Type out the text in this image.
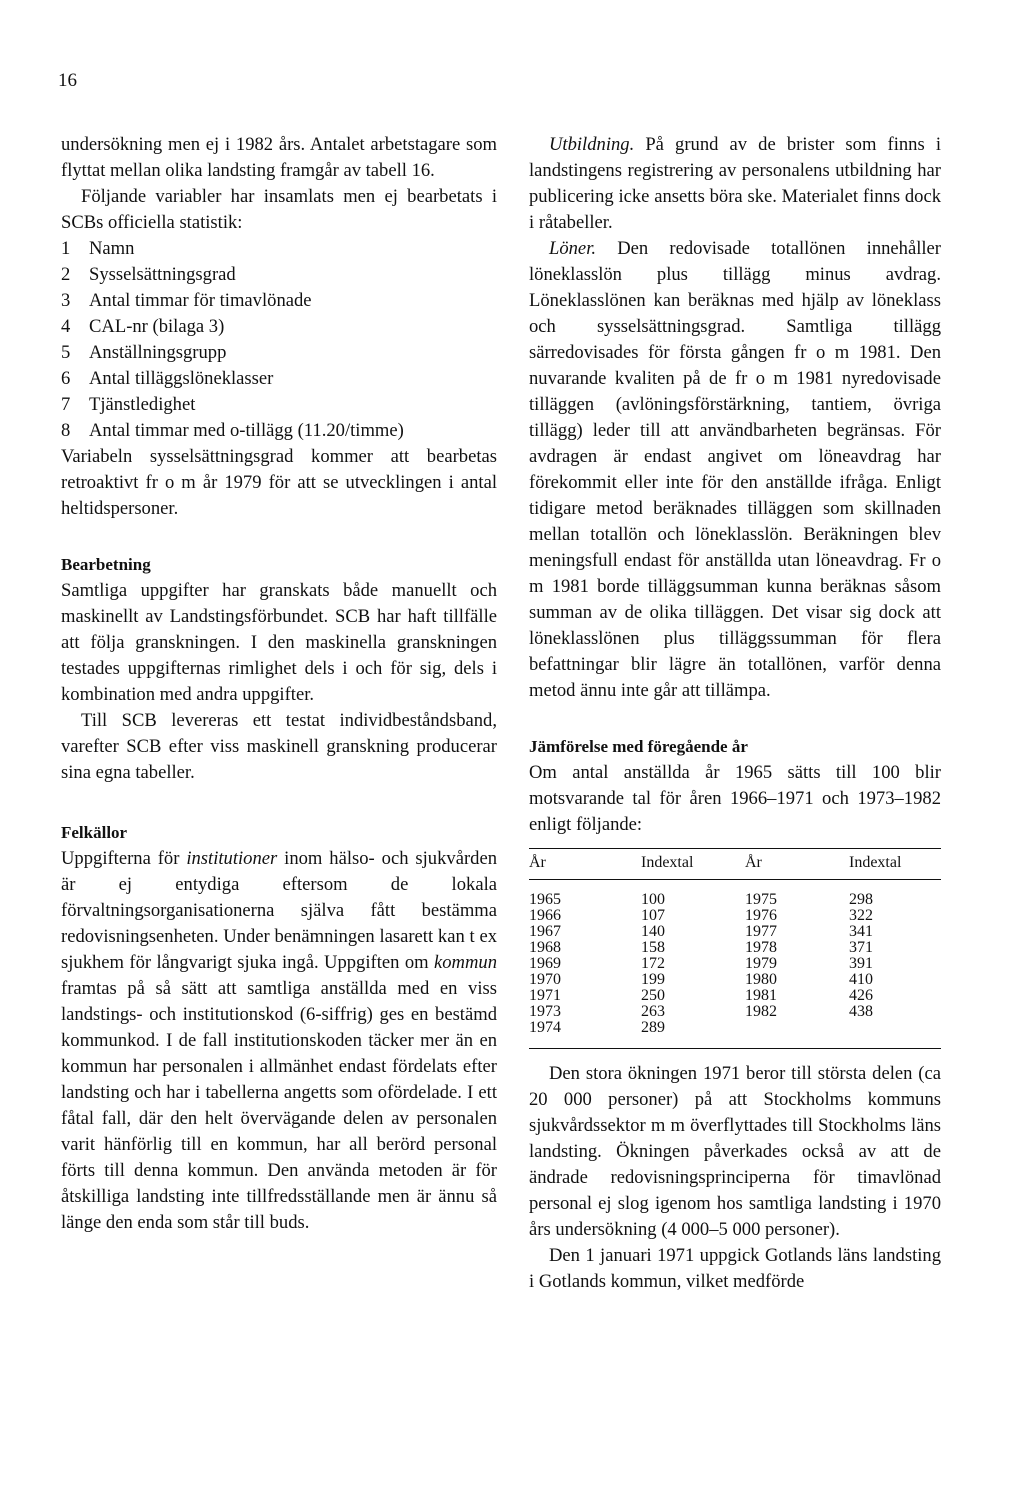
16

undersökning men ej i 1982 års. Antalet arbetstagare som flyttat mellan olika landsting framgår av tabell 16.

Följande variabler har insamlats men ej bearbetats i SCBs officiella statistik:

1	Namn
2	Sysselsättningsgrad
3	Antal timmar för timavlönade
4	CAL-nr (bilaga 3)
5	Anställningsgrupp
6	Antal tilläggslöneklasser
7	Tjänstledighet
8	Antal timmar med o-tillägg (11.20/timme)

Variabeln sysselsättningsgrad kommer att bearbetas retroaktivt fr o m år 1979 för att se utvecklingen i antal heltidspersoner.

Bearbetning

Samtliga uppgifter har granskats både manuellt och maskinellt av Landstingsförbundet. SCB har haft tillfälle att följa granskningen. I den maskinella granskningen testades uppgifternas rimlighet dels i och för sig, dels i kombination med andra uppgifter.

Till SCB levereras ett testat individbeståndsband, varefter SCB efter viss maskinell granskning producerar sina egna tabeller.

Felkällor

Uppgifterna för institutioner inom hälso- och sjukvården är ej entydiga eftersom de lokala förvaltningsorganisationerna själva fått bestämma redovisningsenheten. Under benämningen lasarett kan t ex sjukhem för långvarigt sjuka ingå. Uppgiften om kommun framtas på så sätt att samtliga anställda med en viss landstings- och institutionskod (6-siffrig) ges en bestämd kommunkod. I de fall institutionskoden täcker mer än en kommun har personalen i allmänhet endast fördelats efter landsting och har i tabellerna angetts som ofördelade. I ett fåtal fall, där den helt övervägande delen av personalen varit hänförlig till en kommun, har all berörd personal förts till denna kommun. Den använda metoden är för åtskilliga landsting inte tillfredsställande men är ännu så länge den enda som står till buds.

Utbildning. På grund av de brister som finns i landstingens registrering av personalens utbildning har publicering icke ansetts böra ske. Materialet finns dock i råtabeller.

Löner. Den redovisade totallönen innehåller löneklasslön plus tillägg minus avdrag. Löneklasslönen kan beräknas med hjälp av löneklass och sysselsättningsgrad. Samtliga tillägg särredovisades för första gången fr o m 1981. Den nuvarande kvaliten på de fr o m 1981 nyredovisade tilläggen (avlöningsförstärkning, tantiem, övriga tillägg) leder till att användbarheten begränsas. För avdragen är endast angivet om löneavdrag har förekommit eller inte för den anställde ifråga. Enligt tidigare metod beräknades tilläggen som skillnaden mellan totallön och löneklasslön. Beräkningen blev meningsfull endast för anställda utan löneavdrag. Fr o m 1981 borde tilläggsumman kunna beräknas såsom summan av de olika tilläggen. Det visar sig dock att löneklasslönen plus tilläggssumman för flera befattningar blir lägre än totallönen, varför denna metod ännu inte går att tillämpa.

Jämförelse med föregående år

Om antal anställda år 1965 sätts till 100 blir motsvarande tal för åren 1966–1971 och 1973–1982 enligt följande:

År	Indextal	År	Indextal
1965	100	1975	298
1966	107	1976	322
1967	140	1977	341
1968	158	1978	371
1969	172	1979	391
1970	199	1980	410
1971	250	1981	426
1973	263	1982	438
1974	289		

Den stora ökningen 1971 beror till största delen (ca 20 000 personer) på att Stockholms kommuns sjukvårdssektor m m överflyttades till Stockholms läns landsting. Ökningen påverkades också av att de ändrade redovisningsprinciperna för timavlönad personal ej slog igenom hos samtliga landsting i 1970 års undersökning (4 000–5 000 personer).

Den 1 januari 1971 uppgick Gotlands läns landsting i Gotlands kommun, vilket medförde
